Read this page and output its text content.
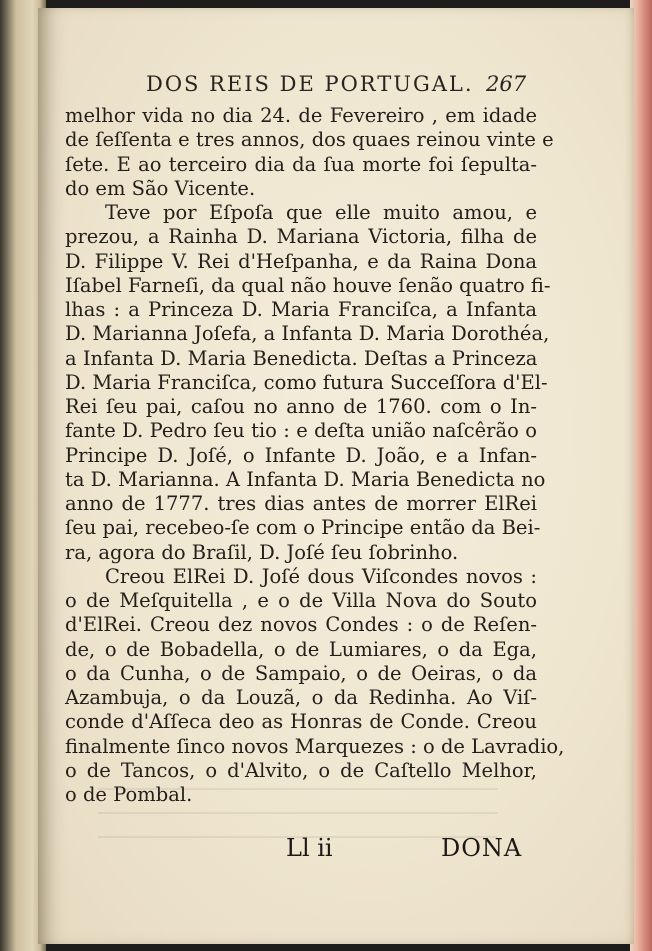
DOS REIS DE PORTUGAL. 267
melhor vida no dia 24. de Fevereiro , em idade
de ſeſſenta e tres annos, dos quaes reinou vinte e
ſete. E ao terceiro dia da ſua morte foi ſepulta-
do em São Vicente.
Teve por Eſpoſa que elle muito amou, e
prezou, a Rainha D. Mariana Victoria, filha de
D. Filippe V. Rei d'Heſpanha, e da Raina Dona
Iſabel Farneſi, da qual não houve ſenão quatro fi-
lhas : a Princeza D. Maria Franciſca, a Infanta
D. Marianna Joſefa, a Infanta D. Maria Dorothéa,
a Infanta D. Maria Benedicta. Deſtas a Princeza
D. Maria Franciſca, como futura Succeſſora d'El-
Rei ſeu pai, caſou no anno de 1760. com o In-
fante D. Pedro ſeu tio : e deſta união naſcêrão o
Principe D. Joſé, o Infante D. João, e a Infan-
ta D. Marianna. A Infanta D. Maria Benedicta no
anno de 1777. tres dias antes de morrer ElRei
ſeu pai, recebeo-ſe com o Principe então da Bei-
ra, agora do Braſil, D. Joſé ſeu ſobrinho.
Creou ElRei D. Joſé dous Viſcondes novos :
o de Meſquitella , e o de Villa Nova do Souto
d'ElRei. Creou dez novos Condes : o de Reſen-
de, o de Bobadella, o de Lumiares, o da Ega,
o da Cunha, o de Sampaio, o de Oeiras, o da
Azambuja, o da Louzã, o da Redinha. Ao Viſ-
conde d'Aſſeca deo as Honras de Conde. Creou
finalmente ſinco novos Marquezes : o de Lavradio,
o de Tancos, o d'Alvito, o de Caſtello Melhor,
o de Pombal.
Ll ii	DONA
